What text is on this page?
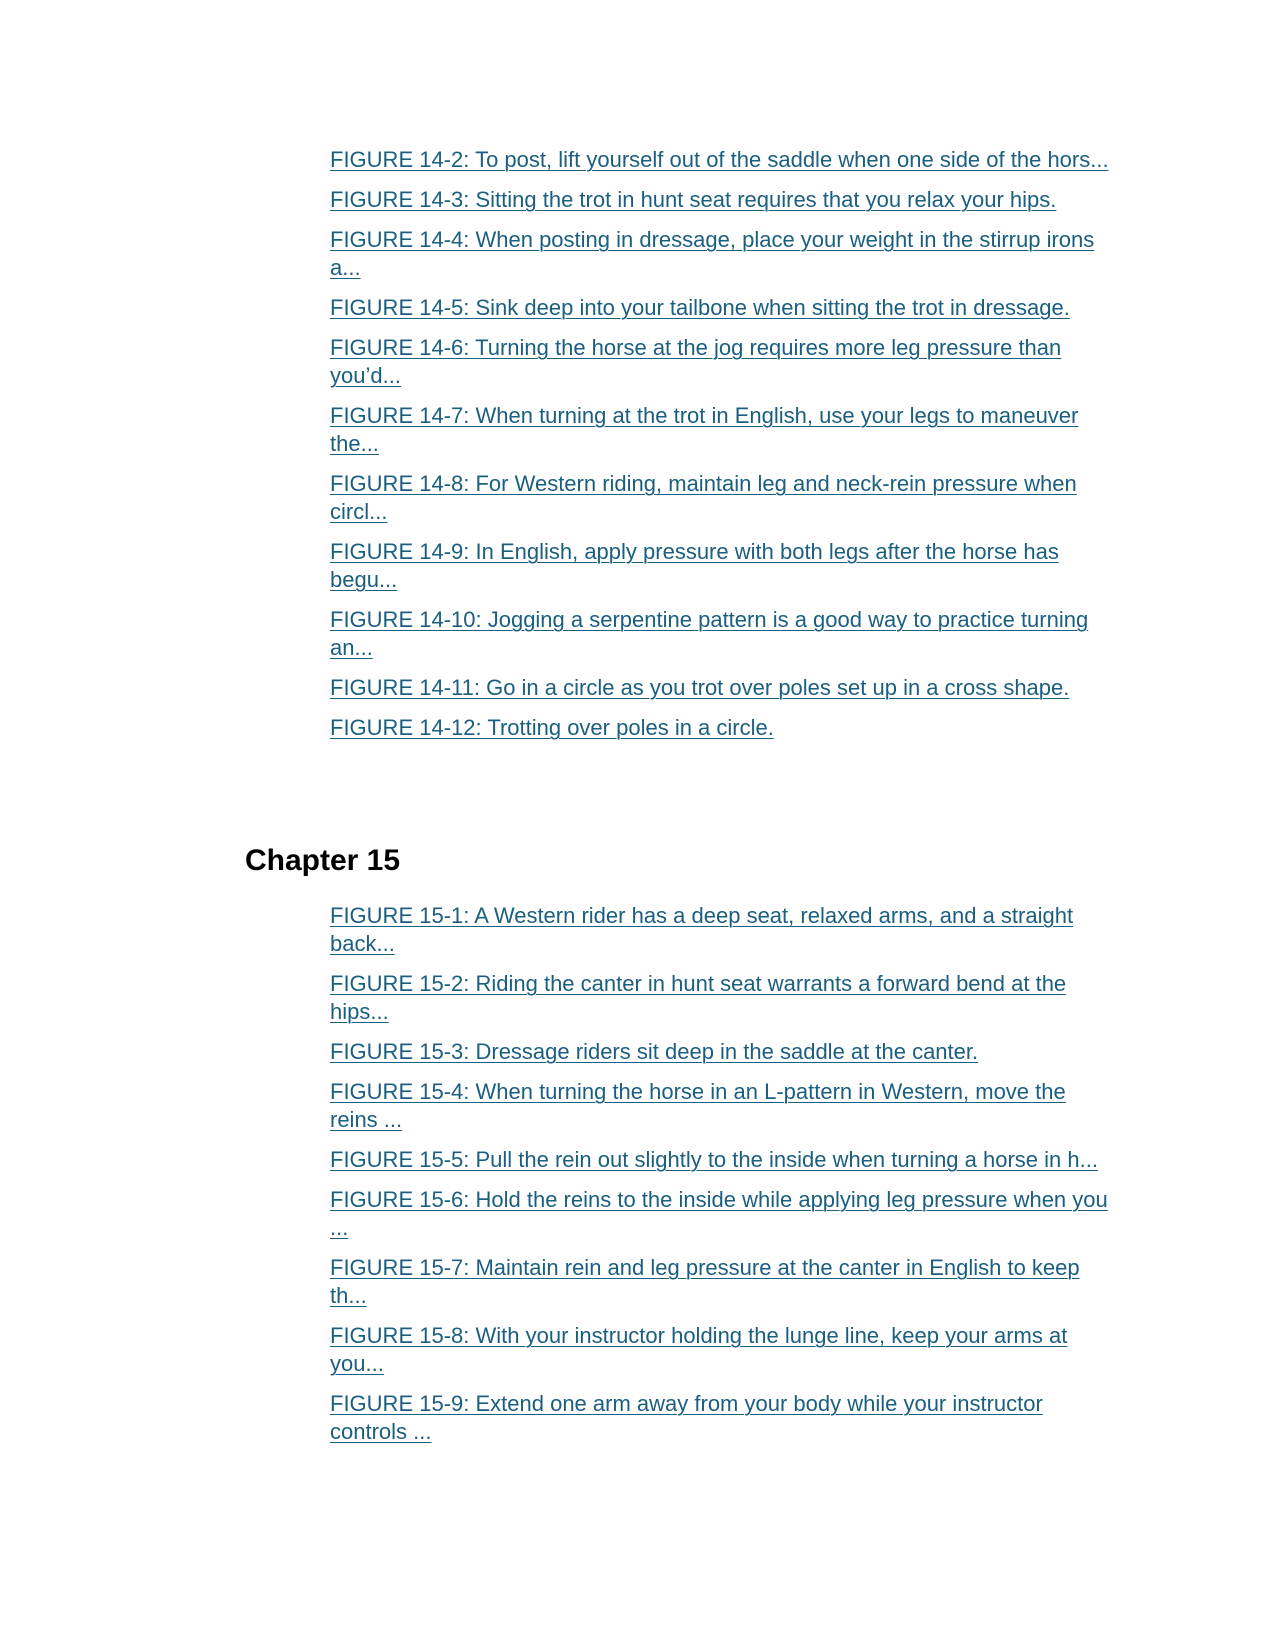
FIGURE 14-2: To post, lift yourself out of the saddle when one side of the hors...
FIGURE 14-3: Sitting the trot in hunt seat requires that you relax your hips.
FIGURE 14-4: When posting in dressage, place your weight in the stirrup irons a...
FIGURE 14-5: Sink deep into your tailbone when sitting the trot in dressage.
FIGURE 14-6: Turning the horse at the jog requires more leg pressure than you’d...
FIGURE 14-7: When turning at the trot in English, use your legs to maneuver the...
FIGURE 14-8: For Western riding, maintain leg and neck-rein pressure when circl...
FIGURE 14-9: In English, apply pressure with both legs after the horse has begu...
FIGURE 14-10: Jogging a serpentine pattern is a good way to practice turning an...
FIGURE 14-11: Go in a circle as you trot over poles set up in a cross shape.
FIGURE 14-12: Trotting over poles in a circle.
Chapter 15
FIGURE 15-1: A Western rider has a deep seat, relaxed arms, and a straight back...
FIGURE 15-2: Riding the canter in hunt seat warrants a forward bend at the hips...
FIGURE 15-3: Dressage riders sit deep in the saddle at the canter.
FIGURE 15-4: When turning the horse in an L-pattern in Western, move the reins ...
FIGURE 15-5: Pull the rein out slightly to the inside when turning a horse in h...
FIGURE 15-6: Hold the reins to the inside while applying leg pressure when you ...
FIGURE 15-7: Maintain rein and leg pressure at the canter in English to keep th...
FIGURE 15-8: With your instructor holding the lunge line, keep your arms at you...
FIGURE 15-9: Extend one arm away from your body while your instructor controls ...
